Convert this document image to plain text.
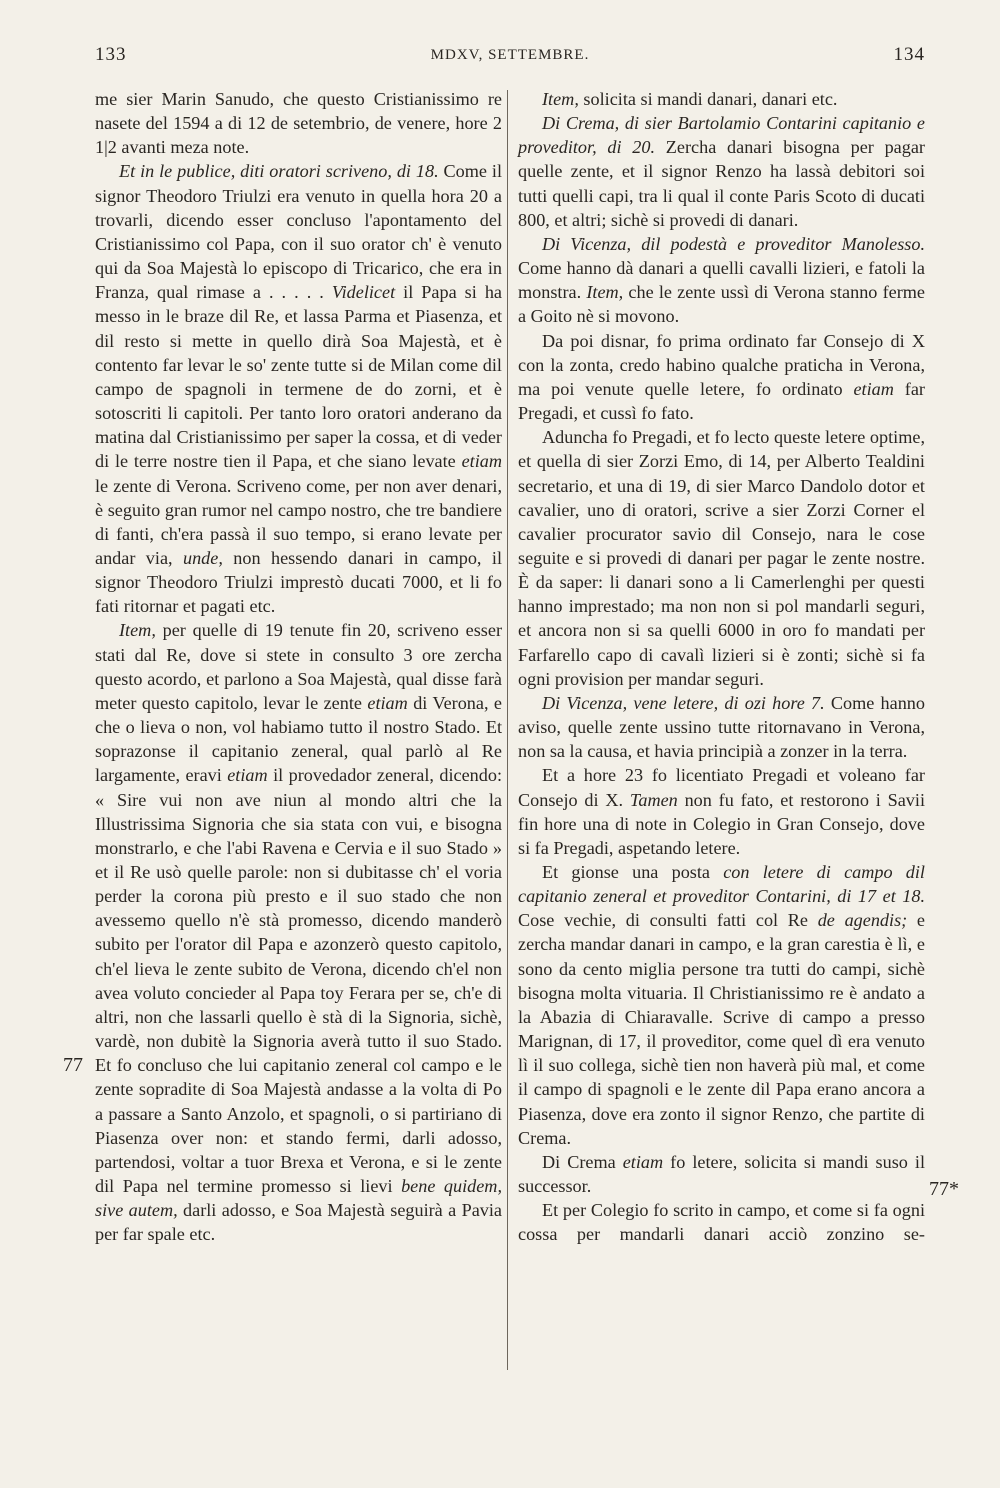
133	MDXV, SETTEMBRE.	134

me sier Marin Sanudo, che questo Cristianissimo re nasete del 1594 a di 12 de setembrio, de venere, hore 2 1|2 avanti meza note.

Et in le publice, diti oratori scriveno, di 18. Come il signor Theodoro Triulzi era venuto in quella hora 20 a trovarli, dicendo esser concluso l'apontamento del Cristianissimo col Papa, con il suo orator ch' è venuto qui da Soa Majestà lo episcopo di Tricarico, che era in Franza, qual rimase a . . . . . Videlicet il Papa si ha messo in le braze dil Re, et lassa Parma et Piasenza, et dil resto si mette in quello dirà Soa Majestà, et è contento far levar le so' zente tutte si de Milan come dil campo de spagnoli in termene de do zorni, et è sotoscriti li capitoli. Per tanto loro oratori anderano da matina dal Cristianissimo per saper la cossa, et di veder di le terre nostre tien il Papa, et che siano levate etiam le zente di Verona. Scriveno come, per non aver denari, è seguito gran rumor nel campo nostro, che tre bandiere di fanti, ch'era passà il suo tempo, si erano levate per andar via, unde, non hessendo danari in campo, il signor Theodoro Triulzi imprestò ducati 7000, et li fo fati ritornar et pagati etc.

Item, per quelle di 19 tenute fin 20, scriveno esser stati dal Re, dove si stete in consulto 3 ore zercha questo acordo, et parlono a Soa Majestà, qual disse farà meter questo capitolo, levar le zente etiam di Verona, e che o lieva o non, vol habiamo tutto il nostro Stado. Et soprazonse il capitanio zeneral, qual parlò al Re largamente, eravi etiam il provedador zeneral, dicendo: « Sire vui non ave niun al mondo altri che la Illustrissima Signoria che sia stata con vui, e bisogna monstrarlo, e che l'abi Ravena e Cervia e il suo Stado » et il Re usò quelle parole: non si dubitasse ch' el voria perder la corona più presto e il suo stado che non avessemo quello n'è stà promesso, dicendo manderò subito per l'orator dil Papa e azonzerò questo capitolo, ch'el lieva le zente subito de Verona, dicendo ch'el non avea voluto concieder al Papa toy Ferara per se, ch'e di altri, non che lassarli quello è stà di la Signoria, sichè, vardè, non dubitè la Signoria averà tutto il suo Stado. Et fo concluso che lui capitanio zeneral col campo e le zente sopradite di Soa Majestà andasse a la volta di Po a passare a Santo Anzolo, et spagnoli, o si partiriano di Piasenza over non: et stando fermi, darli adosso, partendosi, voltar a tuor Brexa et Verona, e si le zente dil Papa nel termine promesso si lievi bene quidem, sive autem, darli adosso, e Soa Majestà seguirà a Pavia per far spale etc.

Item, solicita si mandi danari, danari etc.

Di Crema, di sier Bartolamio Contarini capitanio e proveditor, di 20. Zercha danari bisogna per pagar quelle zente, et il signor Renzo ha lassà debitori soi tutti quelli capi, tra li qual il conte Paris Scoto di ducati 800, et altri; sichè si provedi di danari.

Di Vicenza, dil podestà e proveditor Manolesso. Come hanno dà danari a quelli cavalli lizieri, e fatoli la monstra. Item, che le zente ussì di Verona stanno ferme a Goito nè si movono.

Da poi disnar, fo prima ordinato far Consejo di X con la zonta, credo habino qualche praticha in Verona, ma poi venute quelle letere, fo ordinato etiam far Pregadi, et cussì fo fato.

Aduncha fo Pregadi, et fo lecto queste letere optime, et quella di sier Zorzi Emo, di 14, per Alberto Tealdini secretario, et una di 19, di sier Marco Dandolo dotor et cavalier, uno di oratori, scrive a sier Zorzi Corner el cavalier procurator savio dil Consejo, nara le cose seguite e si provedi di danari per pagar le zente nostre. È da saper: li danari sono a li Camerlenghi per questi hanno imprestado; ma non non si pol mandarli seguri, et ancora non si sa quelli 6000 in oro fo mandati per Farfarello capo di cavalì lizieri si è zonti; sichè si fa ogni provision per mandar seguri.

Di Vicenza, vene letere, di ozi hore 7. Come hanno aviso, quelle zente ussino tutte ritornavano in Verona, non sa la causa, et havia principià a zonzer in la terra.

Et a hore 23 fo licentiato Pregadi et voleano far Consejo di X. Tamen non fu fato, et restorono i Savii fin hore una di note in Colegio in Gran Consejo, dove si fa Pregadi, aspetando letere.

Et gionse una posta con letere di campo dil capitanio zeneral et proveditor Contarini, di 17 et 18. Cose vechie, di consulti fatti col Re de agendis; e zercha mandar danari in campo, e la gran carestia è lì, e sono da cento miglia persone tra tutti do campi, sichè bisogna molta vituaria. Il Christianissimo re è andato a la Abazia di Chiaravalle. Scrive di campo a presso Marignan, di 17, il proveditor, come quel dì era venuto lì il suo collega, sichè tien non haverà più mal, et come il campo di spagnoli e le zente dil Papa erano ancora a Piasenza, dove era zonto il signor Renzo, che partite di Crema.

Di Crema etiam fo letere, solicita si mandi suso il successor.

Et per Colegio fo scrito in campo, et come si fa ogni cossa per mandarli danari acciò zonzino se-

77
77*
